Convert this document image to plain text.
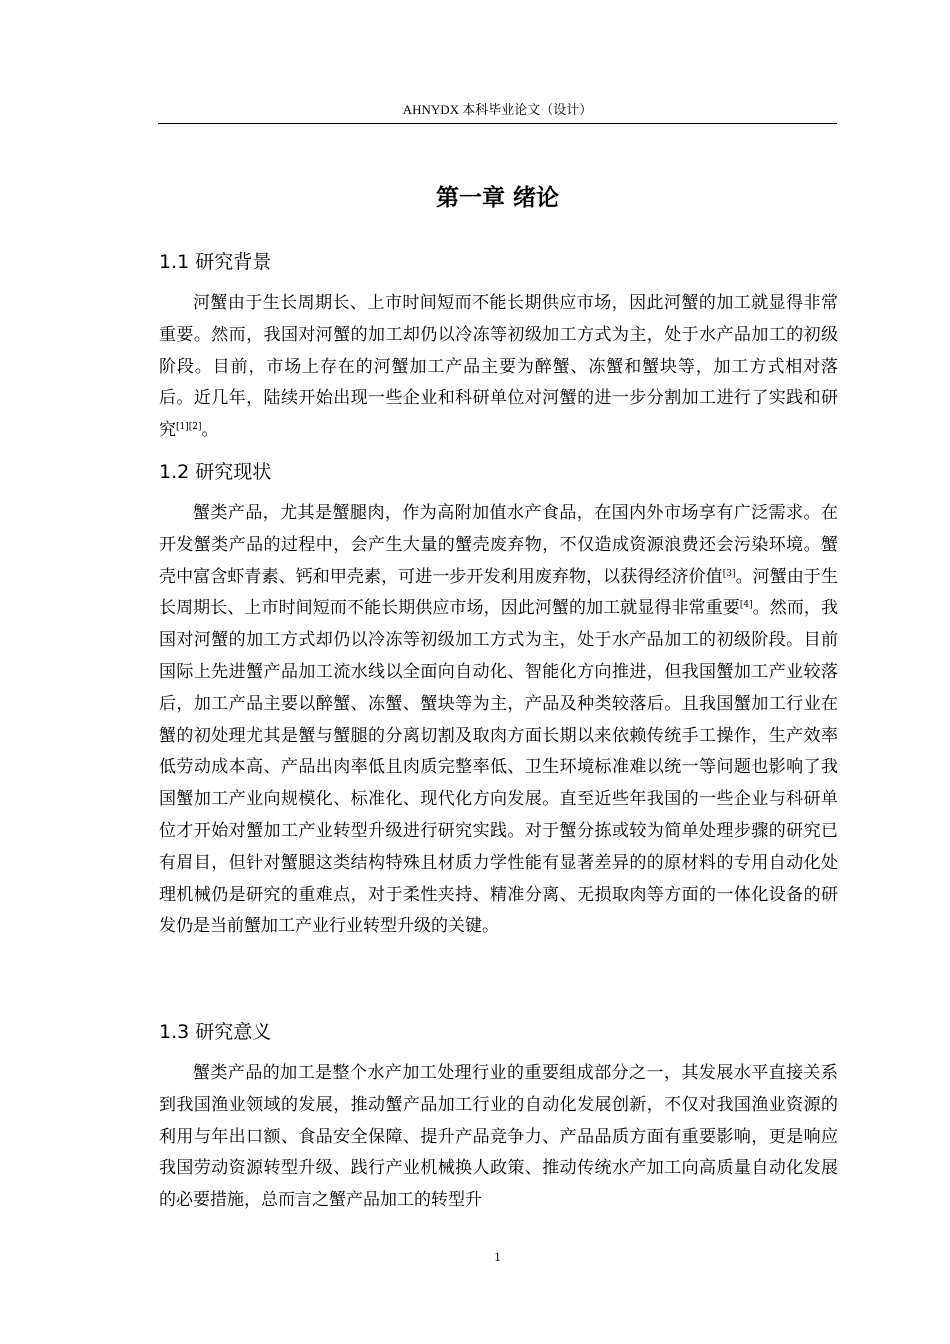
AHNYDX 本科毕业论文（设计）
第一章 绪论
1.1 研究背景

河蟹由于生长周期长、上市时间短而不能长期供应市场，因此河蟹的加工就显得非常重要。然而，我国对河蟹的加工却仍以冷冻等初级加工方式为主，处于水产品加工的初级阶段。目前，市场上存在的河蟹加工产品主要为醉蟹、冻蟹和蟹块等，加工方式相对落后。近几年，陆续开始出现一些企业和科研单位对河蟹的进一步分割加工进行了实践和研究[1][2]。

1.2 研究现状

蟹类产品，尤其是蟹腿肉，作为高附加值水产食品，在国内外市场享有广泛需求。在开发蟹类产品的过程中，会产生大量的蟹壳废弃物，不仅造成资源浪费还会污染环境。蟹壳中富含虾青素、钙和甲壳素，可进一步开发利用废弃物，以获得经济价值[3]。河蟹由于生长周期长、上市时间短而不能长期供应市场，因此河蟹的加工就显得非常重要[4]。然而，我国对河蟹的加工方式却仍以冷冻等初级加工方式为主，处于水产品加工的初级阶段。目前国际上先进蟹产品加工流水线以全面向自动化、智能化方向推进，但我国蟹加工产业较落后，加工产品主要以醉蟹、冻蟹、蟹块等为主，产品及种类较落后。且我国蟹加工行业在蟹的初处理尤其是蟹与蟹腿的分离切割及取肉方面长期以来依赖传统手工操作，生产效率低劳动成本高、产品出肉率低且肉质完整率低、卫生环境标准难以统一等问题也影响了我国蟹加工产业向规模化、标准化、现代化方向发展。直至近些年我国的一些企业与科研单位才开始对蟹加工产业转型升级进行研究实践。对于蟹分拣或较为简单处理步骤的研究已有眉目，但针对蟹腿这类结构特殊且材质力学性能有显著差异的的原材料的专用自动化处理机械仍是研究的重难点，对于柔性夹持、精准分离、无损取肉等方面的一体化设备的研发仍是当前蟹加工产业行业转型升级的关键。

1.3 研究意义

蟹类产品的加工是整个水产加工处理行业的重要组成部分之一，其发展水平直接关系到我国渔业领域的发展，推动蟹产品加工行业的自动化发展创新，不仅对我国渔业资源的利用与年出口额、食品安全保障、提升产品竞争力、产品品质方面有重要影响，更是响应我国劳动资源转型升级、践行产业机械换人政策、推动传统水产加工向高质量自动化发展的必要措施，总而言之蟹产品加工的转型升

1
